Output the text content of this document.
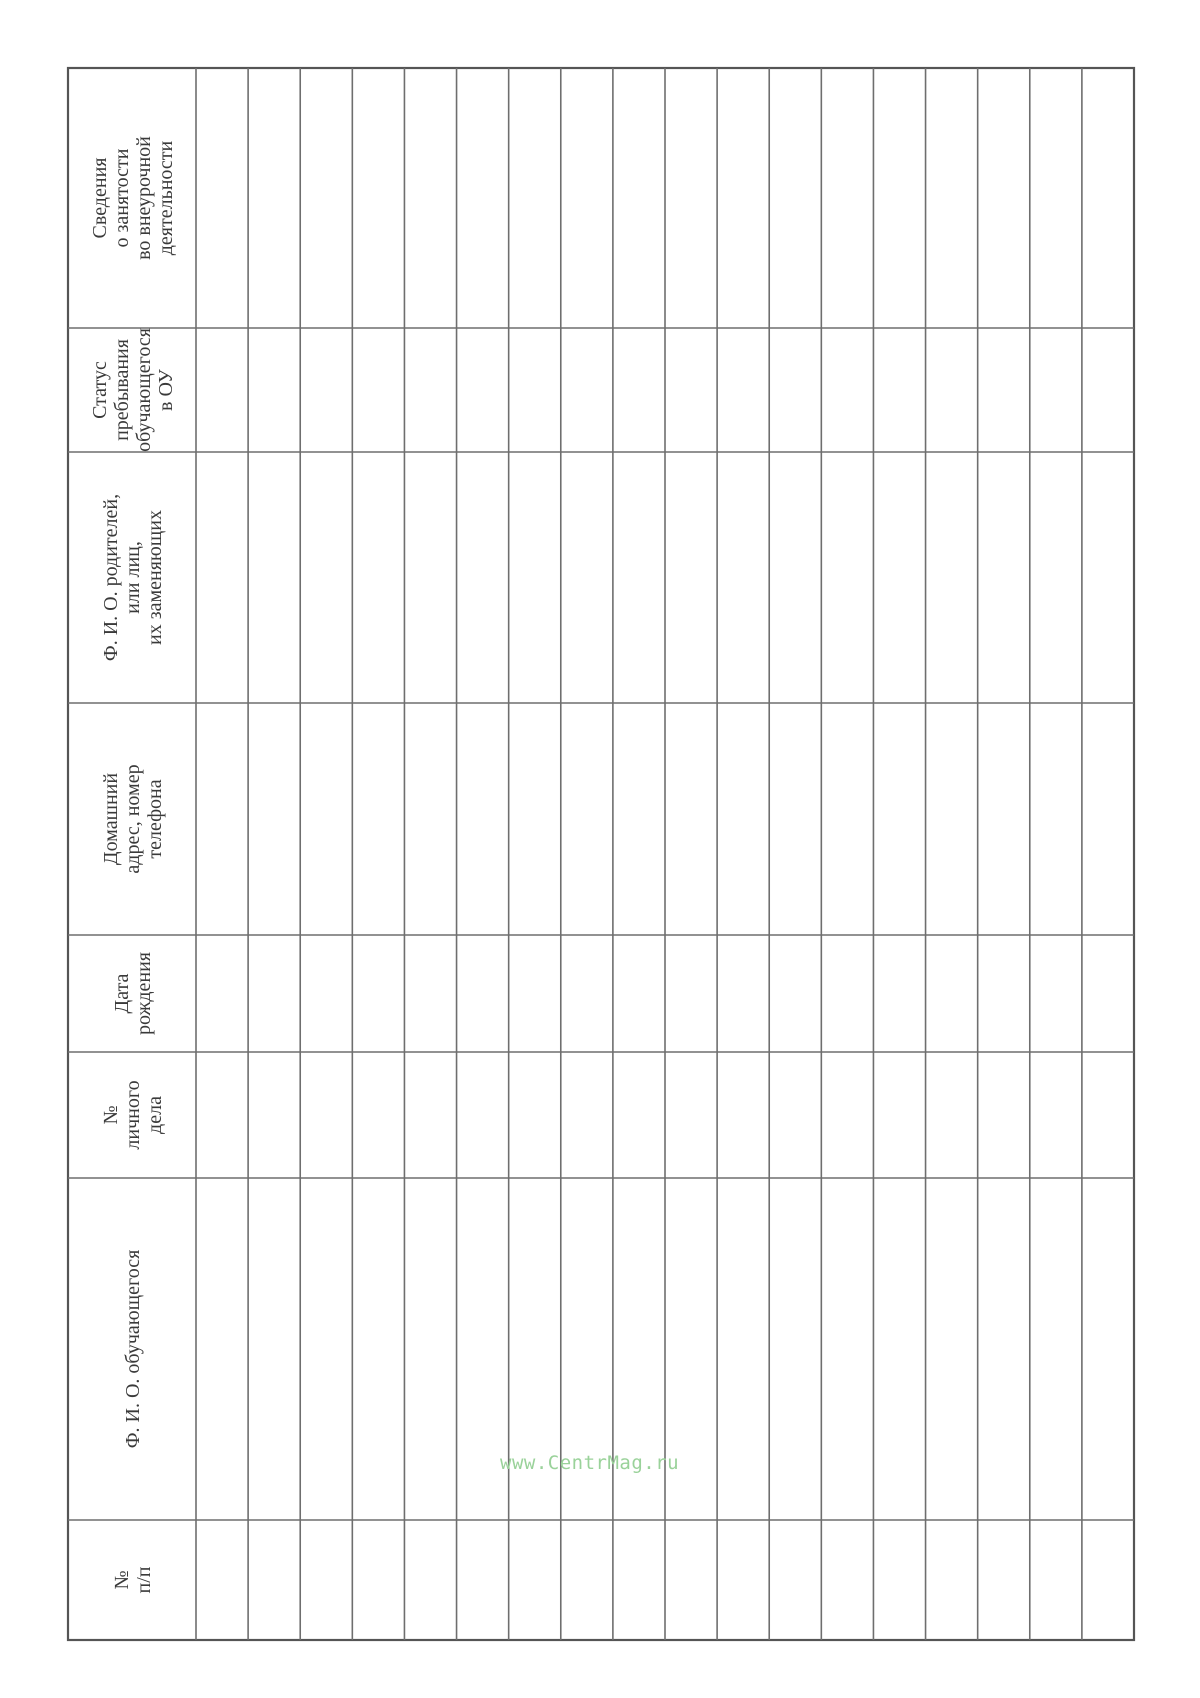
№ п/п
Ф. И. О. обучающегося
№ личного дела
Дата рождения
Домашний адрес, номер телефона
Ф. И. О. родителей, или лиц, их заменяющих
Статус пребывания обучающегося в ОУ
Сведения о занятости во внеурочной деятельности
www.CentrMag.ru
